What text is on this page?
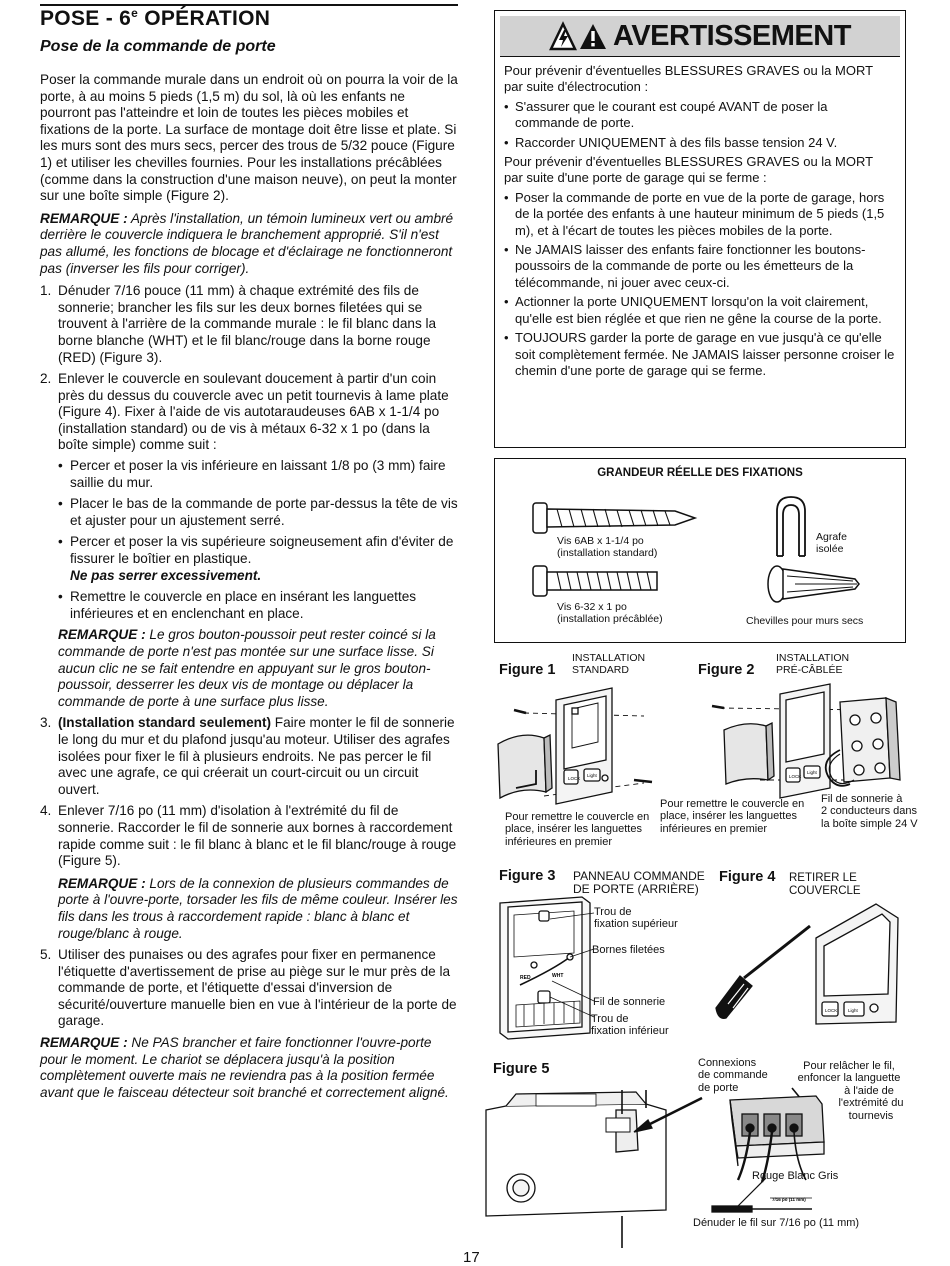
POSE - 6e OPÉRATION
Pose de la commande de porte

Poser la commande murale dans un endroit où on pourra la voir de la porte, à au moins 5 pieds (1,5 m) du sol, là où les enfants ne pourront pas l'atteindre et loin de toutes les pièces mobiles et fixations de la porte. La surface de montage doit être lisse et plate. Si les murs sont des murs secs, percer des trous de 5/32 pouce (Figure 1) et utiliser les chevilles fournies. Pour les installations précâblées (comme dans la construction d'une maison neuve), on peut la monter sur une boîte simple (Figure 2).

REMARQUE : Après l'installation, un témoin lumineux vert ou ambré derrière le couvercle indiquera le branchement approprié. S'il n'est pas allumé, les fonctions de blocage et d'éclairage ne fonctionneront pas (inverser les fils pour corriger).

1. Dénuder 7/16 pouce (11 mm) à chaque extrémité des fils de sonnerie; brancher les fils sur les deux bornes filetées qui se trouvent à l'arrière de la commande murale : le fil blanc dans la borne blanche (WHT) et le fil blanc/rouge dans la borne rouge (RED) (Figure 3).
2. Enlever le couvercle en soulevant doucement à partir d'un coin près du dessus du couvercle avec un petit tournevis à lame plate (Figure 4). Fixer à l'aide de vis autotaraudeuses 6AB x 1-1/4 po (installation standard) ou de vis à métaux 6-32 x 1 po (dans la boîte simple) comme suit :
• Percer et poser la vis inférieure en laissant 1/8 po (3 mm) faire saillie du mur.
• Placer le bas de la commande de porte par-dessus la tête de vis et ajuster pour un ajustement serré.
• Percer et poser la vis supérieure soigneusement afin d'éviter de fissurer le boîtier en plastique.
Ne pas serrer excessivement.
• Remettre le couvercle en place en insérant les languettes inférieures et en enclenchant en place.
REMARQUE : Le gros bouton-poussoir peut rester coincé si la commande de porte n'est pas montée sur une surface lisse. Si aucun clic ne se fait entendre en appuyant sur le gros bouton-poussoir, desserrer les deux vis de montage ou déplacer la commande de porte à une surface plus lisse.
3. (Installation standard seulement) Faire monter le fil de sonnerie le long du mur et du plafond jusqu'au moteur. Utiliser des agrafes isolées pour fixer le fil à plusieurs endroits. Ne pas percer le fil avec une agrafe, ce qui créerait un court-circuit ou un circuit ouvert.
4. Enlever 7/16 po (11 mm) d'isolation à l'extrémité du fil de sonnerie. Raccorder le fil de sonnerie aux bornes à raccordement rapide comme suit : le fil blanc à blanc et le fil blanc/rouge à rouge (Figure 5).
REMARQUE : Lors de la connexion de plusieurs commandes de porte à l'ouvre-porte, torsader les fils de même couleur. Insérer les fils dans les trous à raccordement rapide : blanc à blanc et rouge/blanc à rouge.
5. Utiliser des punaises ou des agrafes pour fixer en permanence l'étiquette d'avertissement de prise au piège sur le mur près de la commande de porte, et l'étiquette d'essai d'inversion de sécurité/ouverture manuelle bien en vue à l'intérieur de la porte de garage.

REMARQUE : Ne PAS brancher et faire fonctionner l'ouvre-porte pour le moment. Le chariot se déplacera jusqu'à la position complètement ouverte mais ne reviendra pas à la position fermée avant que le faisceau détecteur soit branché et correctement aligné.

AVERTISSEMENT

Pour prévenir d'éventuelles BLESSURES GRAVES ou la MORT par suite d'électrocution :

• S'assurer que le courant est coupé AVANT de poser la commande de porte.
• Raccorder UNIQUEMENT à des fils basse tension 24 V.

Pour prévenir d'éventuelles BLESSURES GRAVES ou la MORT par suite d'une porte de garage qui se ferme :

• Poser la commande de porte en vue de la porte de garage, hors de la portée des enfants à une hauteur minimum de 5 pieds (1,5 m), et à l'écart de toutes les pièces mobiles de la porte.
• Ne JAMAIS laisser des enfants faire fonctionner les boutons-poussoirs de la commande de porte ou les émetteurs de la télécommande, ni jouer avec ceux-ci.
• Actionner la porte UNIQUEMENT lorsqu'on la voit clairement, qu'elle est bien réglée et que rien ne gêne la course de la porte.
• TOUJOURS garder la porte de garage en vue jusqu'à ce qu'elle soit complètement fermée. Ne JAMAIS laisser personne croiser le chemin d'une porte de garage qui se ferme.
GRANDEUR RÉELLE DES FIXATIONS
Vis 6AB x 1-1/4 po
(installation standard)
Vis 6-32 x 1 po
(installation précâblée)
Agrafe
isolée
Chevilles pour murs secs
Figure 1
INSTALLATION
STANDARD
LOCK
Light
Pour remettre le couvercle en
place, insérer les languettes
inférieures en premier
Figure 2
INSTALLATION
PRÉ-CÂBLÉE
LOCK
Light
Pour remettre le couvercle en
place, insérer les languettes
inférieures en premier
Fil de sonnerie à
2 conducteurs dans
la boîte simple 24 V
Figure 3 PANNEAU COMMANDE
DE PORTE (ARRIÈRE)
RED	WHT
Trou de
fixation supérieur
Bornes filetées
Fil de sonnerie
Trou de
fixation inférieur
Figure 4 RETIRER LE
COUVERCLE
LOCK Light
Figure 5
7/16 po (11 mm)
Connexions
de commande
de porte
Pour relâcher le fil,
enfoncer la languette
à l'aide de
l'extrémité du
tournevis
Rouge Blanc Gris
Dénuder le fil sur 7/16 po (11 mm)
17
